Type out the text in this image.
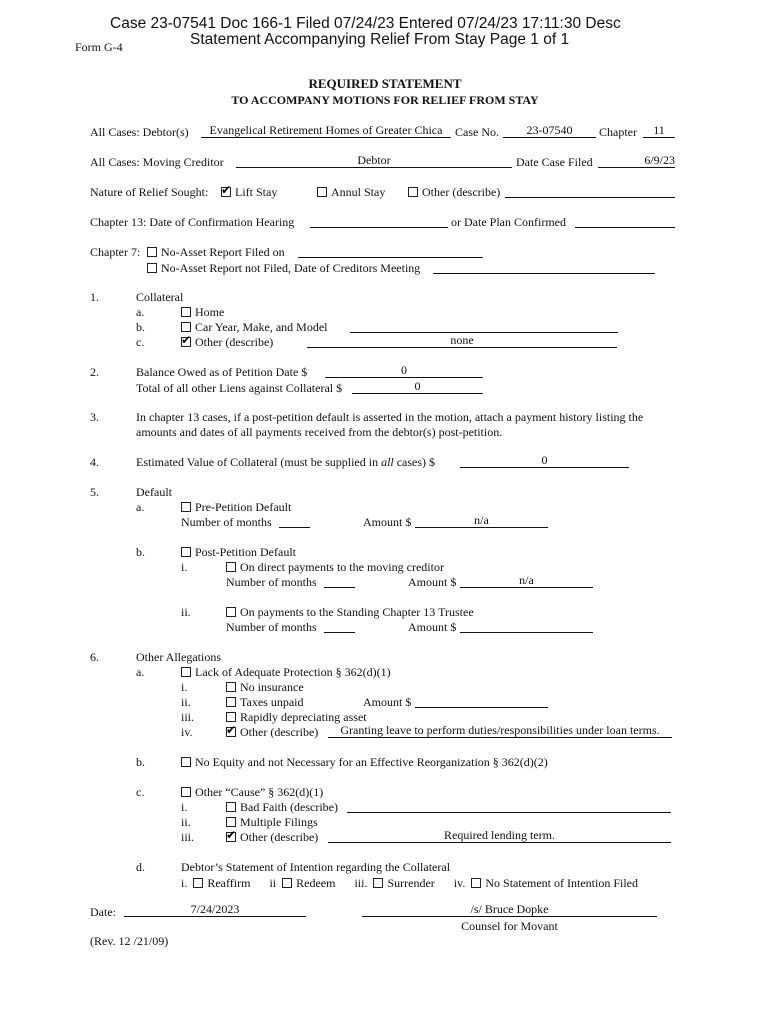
Case 23-07541 Doc 166-1 Filed 07/24/23 Entered 07/24/23 17:11:30 Desc
Statement Accompanying Relief From Stay Page 1 of 1
Form G-4
REQUIRED STATEMENT
TO ACCOMPANY MOTIONS FOR RELIEF FROM STAY
All Cases: Debtor(s)	Evangelical Retirement Homes of Greater Chica	Case No.	23-07540	Chapter	11
All Cases: Moving Creditor	Debtor	Date Case Filed	6/9/23
Nature of Relief Sought: ✔	Lift Stay	Annul Stay	Other (describe)
Chapter 13: Date of Confirmation Hearing	or Date Plan Confirmed
Chapter 7:	No-Asset Report Filed on
No-Asset Report not Filed, Date of Creditors Meeting
1.	Collateral
a.	Home
b.	Car Year, Make, and Model
c. ✔	Other (describe)	none
2.	Balance Owed as of Petition Date $	0
Total of all other Liens against Collateral $	0
3.	In chapter 13 cases, if a post-petition default is asserted in the motion, attach a payment history listing the
amounts and dates of all payments received from the debtor(s) post-petition.
4.	Estimated Value of Collateral (must be supplied in all cases) $	0
5.	Default
a.	Pre-Petition Default
Number of months	Amount $	n/a
b.	Post-Petition Default
i.	On direct payments to the moving creditor
Number of months	Amount $	n/a
ii.	On payments to the Standing Chapter 13 Trustee
Number of months	Amount $
6.	Other Allegations
a.	Lack of Adequate Protection § 362(d)(1)
i.	No insurance
ii.	Taxes unpaid	Amount $
iii.	Rapidly depreciating asset
iv. ✔	Other (describe)	Granting leave to perform duties/responsibilities under loan terms.
b.	No Equity and not Necessary for an Effective Reorganization § 362(d)(2)
c.	Other “Cause” § 362(d)(1)
i.	Bad Faith (describe)
ii.	Multiple Filings
iii. ✔	Other (describe)	Required lending term.
d.	Debtor’s Statement of Intention regarding the Collateral
i. Reaffirm ii Redeem iii. Surrender iv. No Statement of Intention Filed
Date:	7/24/2023	/s/ Bruce Dopke
Counsel for Movant
(Rev. 12 /21/09)
